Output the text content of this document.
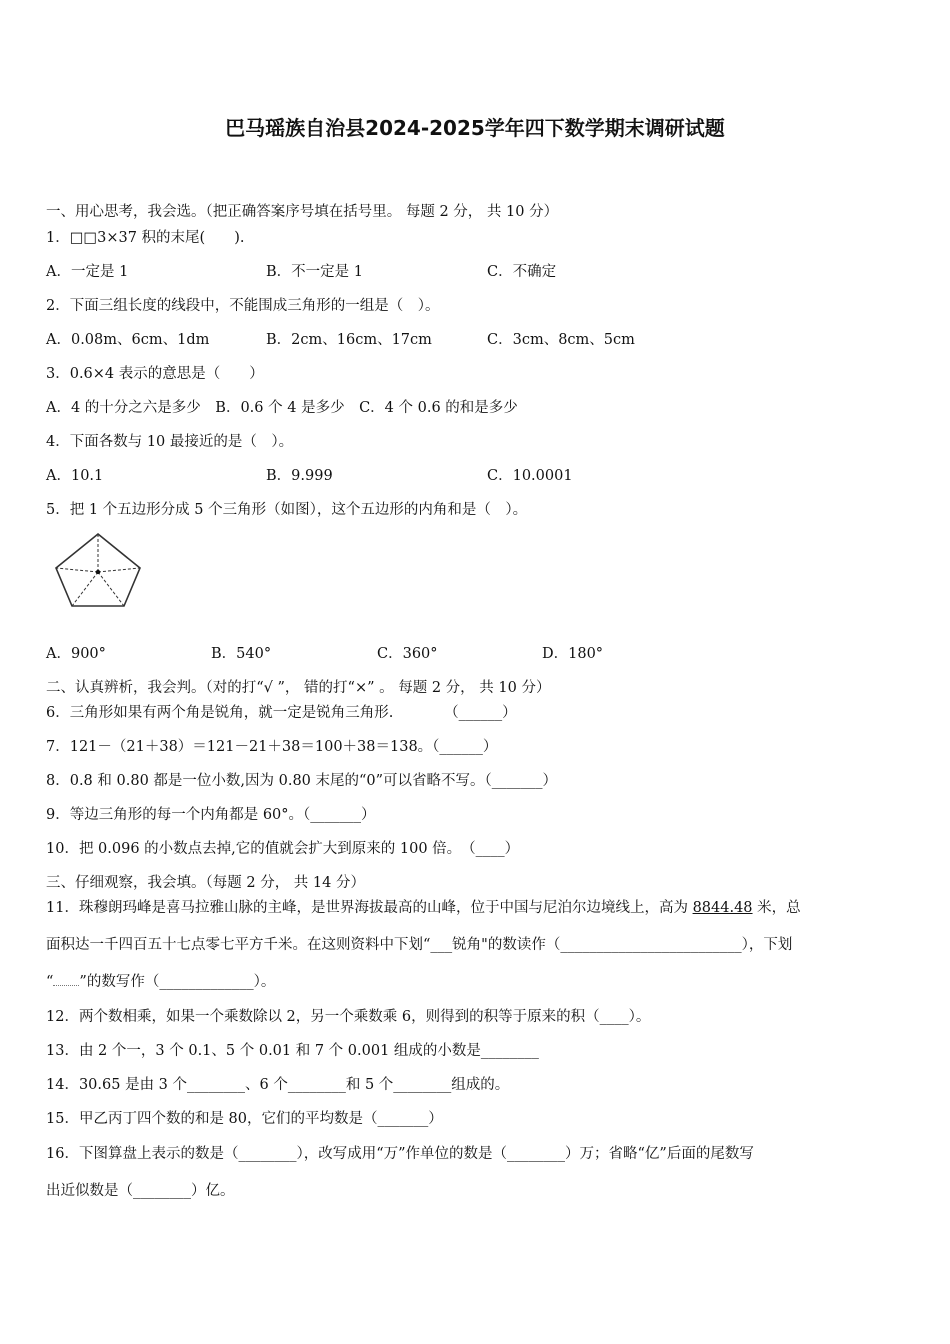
巴马瑶族自治县2024-2025学年四下数学期末调研试题
一、用心思考，我会选。（把正确答案序号填在括号里。 每题 2 分， 共 10 分）
1．□□3×37 积的末尾(　　).
A．一定是 1	B．不一定是 1	C．不确定
2．下面三组长度的线段中，不能围成三角形的一组是（　）。
A．0.08m、6cm、1dm	B．2cm、16cm、17cm	C．3cm、8cm、5cm
3．0.6×4 表示的意思是（　　）
A．4 的十分之六是多少　B．0.6 个 4 是多少　C．4 个 0.6 的和是多少
4．下面各数与 10 最接近的是（　）。
A．10.1	B．9.999	C．10.0001
5．把 1 个五边形分成 5 个三角形（如图），这个五边形的内角和是（　）。
A．900°	B．540°	C．360°	D．180°
二、认真辨析，我会判。（对的打“√ ”， 错的打“×” 。 每题 2 分， 共 10 分）
6．三角形如果有两个角是锐角，就一定是锐角三角形.　　　　（______）
7．121－（21＋38）＝121－21＋38＝100＋38＝138。（______）
8．0.8 和 0.80 都是一位小数,因为 0.80 末尾的“0”可以省略不写。（_______）
9．等边三角形的每一个内角都是 60°。（_______）
10．把 0.096 的小数点去掉,它的值就会扩大到原来的 100 倍。　（____）
三、仔细观察，我会填。（每题 2 分， 共 14 分）
11．珠穆朗玛峰是喜马拉雅山脉的主峰，是世界海拔最高的山峰，位于中国与尼泊尔边境线上，高为 8844.48 米，总
面积达一千四百五十七点零七平方千米。在这则资料中下划“___锐角"的数读作（_________________________），下划
“ ”的数写作（_____________）。
12．两个数相乘，如果一个乘数除以 2，另一个乘数乘 6，则得到的积等于原来的积（____）。
13．由 2 个一，3 个 0.1、5 个 0.01 和 7 个 0.001 组成的小数是________
14．30.65 是由 3 个________、6 个________和 5 个________组成的。
15．甲乙丙丁四个数的和是 80，它们的平均数是（_______）
16．下图算盘上表示的数是（________），改写成用“万”作单位的数是（________）万；省略“亿”后面的尾数写
出近似数是（________）亿。
